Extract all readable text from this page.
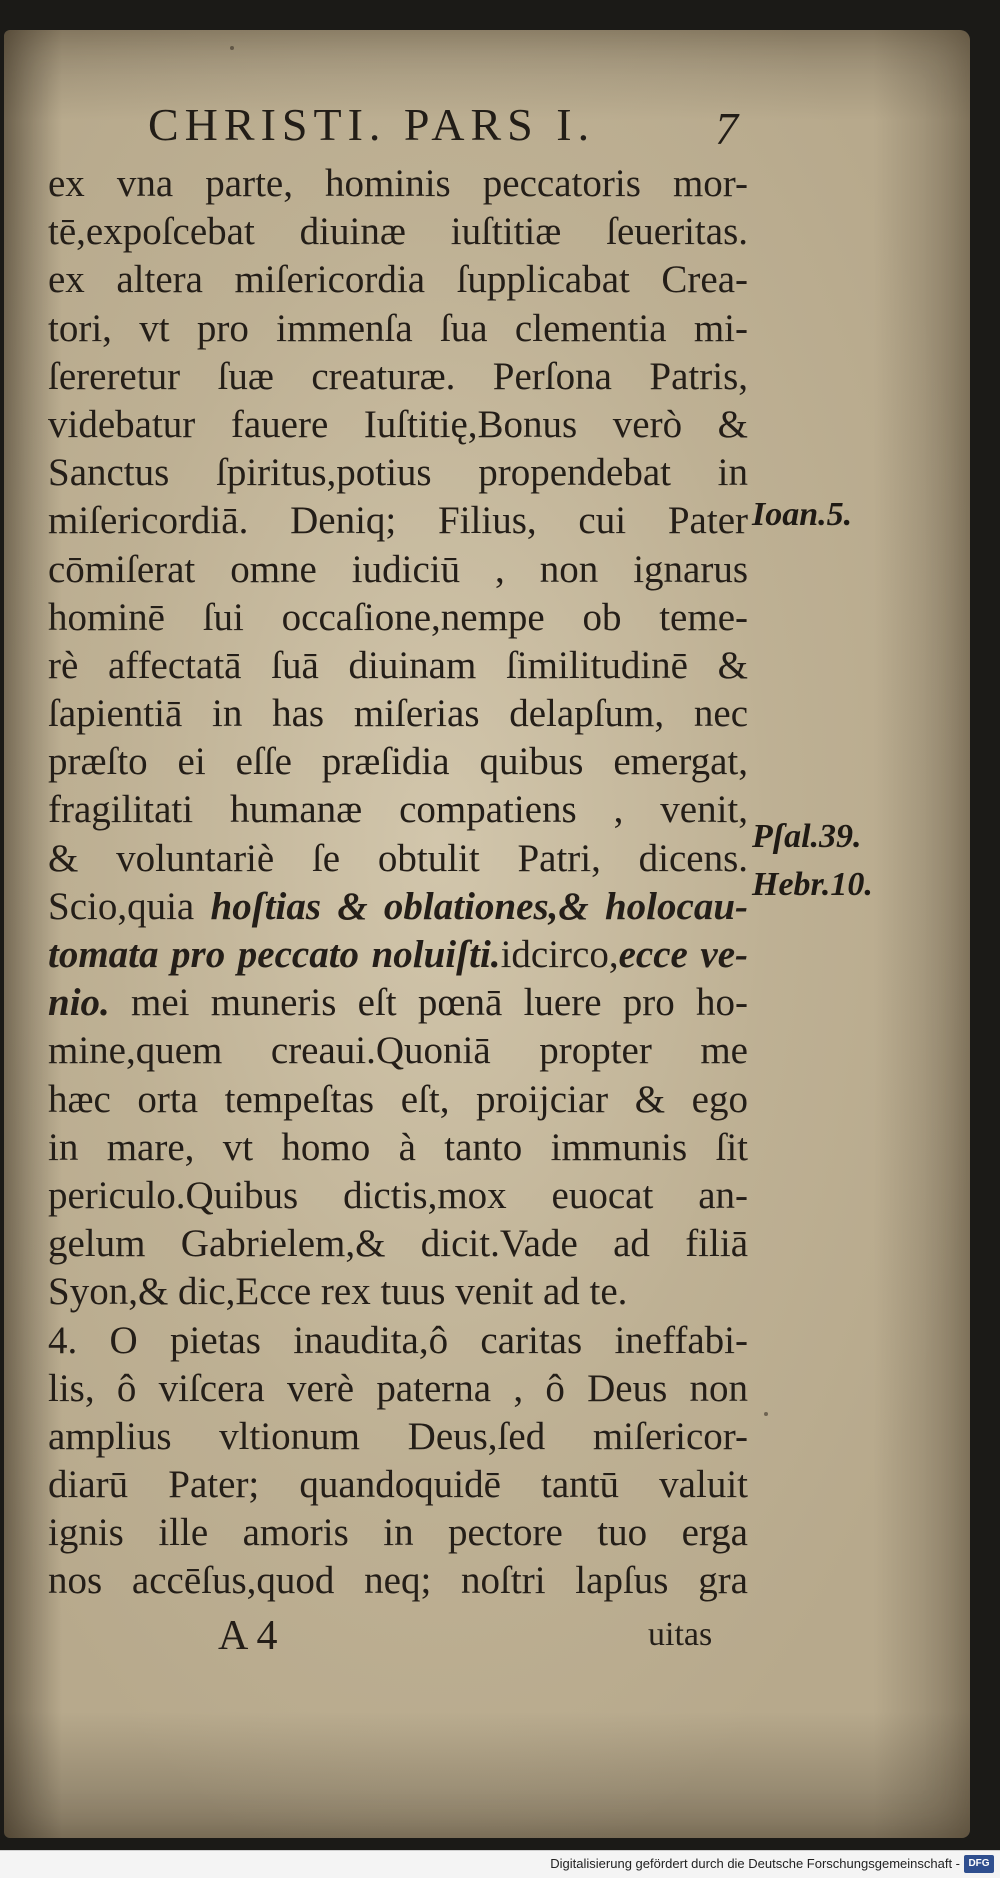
CHRISTI. PARS I.	7
ex vna parte, hominis peccatoris mor-
tē,expoſcebat diuinæ iuſtitiæ ſeueritas.
ex altera miſericordia ſupplicabat Crea-
tori, vt pro immenſa ſua clementia mi-
ſereretur ſuæ creaturæ. Perſona Patris,
videbatur fauere Iuſtitię,Bonus verò &
Sanctus ſpiritus,potius propendebat in
miſericordiā. Deniq; Filius, cui Pater
cōmiſerat omne iudiciū , non ignarus
hominē ſui occaſione,nempe ob teme-
rè affectatā ſuā diuinam ſimilitudinē &
ſapientiā in has miſerias delapſum, nec
præſto ei eſſe præſidia quibus emergat,
fragilitati humanæ compatiens , venit,
& voluntariè ſe obtulit Patri, dicens.
Scio,quia hoſtias & oblationes,& holocau-
tomata pro peccato noluiſti.idcirco,ecce ve-
nio. mei muneris eſt pœnā luere pro ho-
mine,quem creaui.Quoniā propter me
hæc orta tempeſtas eſt, proijciar & ego
in mare, vt homo à tanto immunis ſit
periculo.Quibus dictis,mox euocat an-
gelum Gabrielem,& dicit.Vade ad filiā
Syon,& dic,Ecce rex tuus venit ad te.
4. O pietas inaudita,ô caritas ineffabi-
lis, ô viſcera verè paterna , ô Deus non
amplius vltionum Deus,ſed miſericor-
diarū Pater; quandoquidē tantū valuit
ignis ille amoris in pectore tuo erga
nos accēſus,quod neq; noſtri lapſus gra
Ioan.5.
Pſal.39.
Hebr.10.
A 4	uitas
Digitalisierung gefördert durch die Deutsche Forschungsgemeinschaft - DFG
